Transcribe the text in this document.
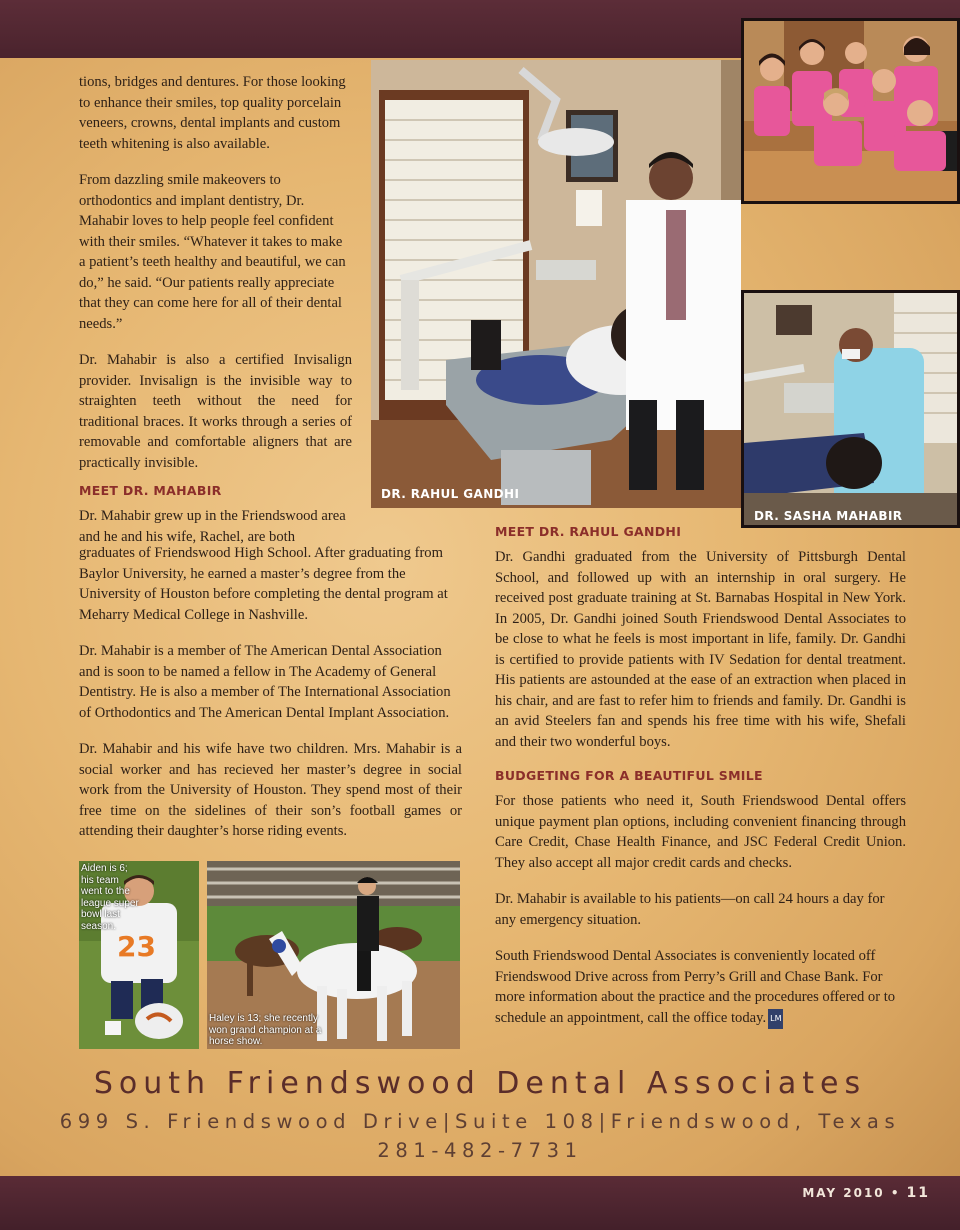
tions, bridges and dentures. For those looking to enhance their smiles, top quality porcelain veneers, crowns, dental implants and custom teeth whitening is also available.

From dazzling smile makeovers to orthodontics and implant dentistry, Dr. Mahabir loves to help people feel confident with their smiles. “Whatever it takes to make a patient’s teeth healthy and beautiful, we can do,” he said. “Our patients really appreciate that they can come here for all of their dental needs.”

Dr. Mahabir is also a certified Invisalign provider. Invisalign is the invisible way to straighten teeth without the need for traditional braces. It works through a series of removable and comfortable aligners that are practically invisible.

MEET DR. MAHABIR

Dr. Mahabir grew up in the Friendswood area and he and his wife, Rachel, are both

graduates of Friendswood High School. After graduating from Baylor University, he earned a master’s degree from the University of Houston before completing the dental program at Meharry Medical College in Nashville.

Dr. Mahabir is a member of The American Dental Association and is soon to be named a fellow in The Academy of General Dentistry. He is also a member of The International Association of Orthodontics and The American Dental Implant Association.

Dr. Mahabir and his wife have two children. Mrs. Mahabir is a social worker and has recieved her master’s degree in social work from the University of Houston. They spend most of their free time on the sidelines of their son’s football games or attending their daughter’s horse riding events.

DR. RAHUL GANDHI
DR. SASHA MAHABIR
23
Aiden is 6; his team went to the league super bowl last season.
Haley is 13; she recently won grand champion at a horse show.
MEET DR. RAHUL GANDHI

Dr. Gandhi graduated from the University of Pittsburgh Dental School, and followed up with an internship in oral surgery. He received post graduate training at St. Barnabas Hospital in New York. In 2005, Dr. Gandhi joined South Friendswood Dental Associates to be close to what he feels is most important in life, family. Dr. Gandhi is certified to provide patients with IV Sedation for dental treatment. His patients are astounded at the ease of an extraction when placed in his chair, and are fast to refer him to friends and family. Dr. Gandhi is an avid Steelers fan and spends his free time with his wife, Shefali and their two wonderful boys.

BUDGETING FOR A BEAUTIFUL SMILE

For those patients who need it, South Friendswood Dental offers unique payment plan options, including convenient financing through Care Credit, Chase Health Finance, and JSC Federal Credit Union. They also accept all major credit cards and checks.

Dr. Mahabir is available to his patients—on call 24 hours a day for any emergency situation.

South Friendswood Dental Associates is conveniently located off Friendswood Drive across from Perry’s Grill and Chase Bank. For more information about the practice and the procedures offered or to schedule an appointment, call the office today. LM

South Friendswood Dental Associates
699 S. Friendswood Drive|Suite 108|Friendswood, Texas
281-482-7731
MAY 2010 • 11
